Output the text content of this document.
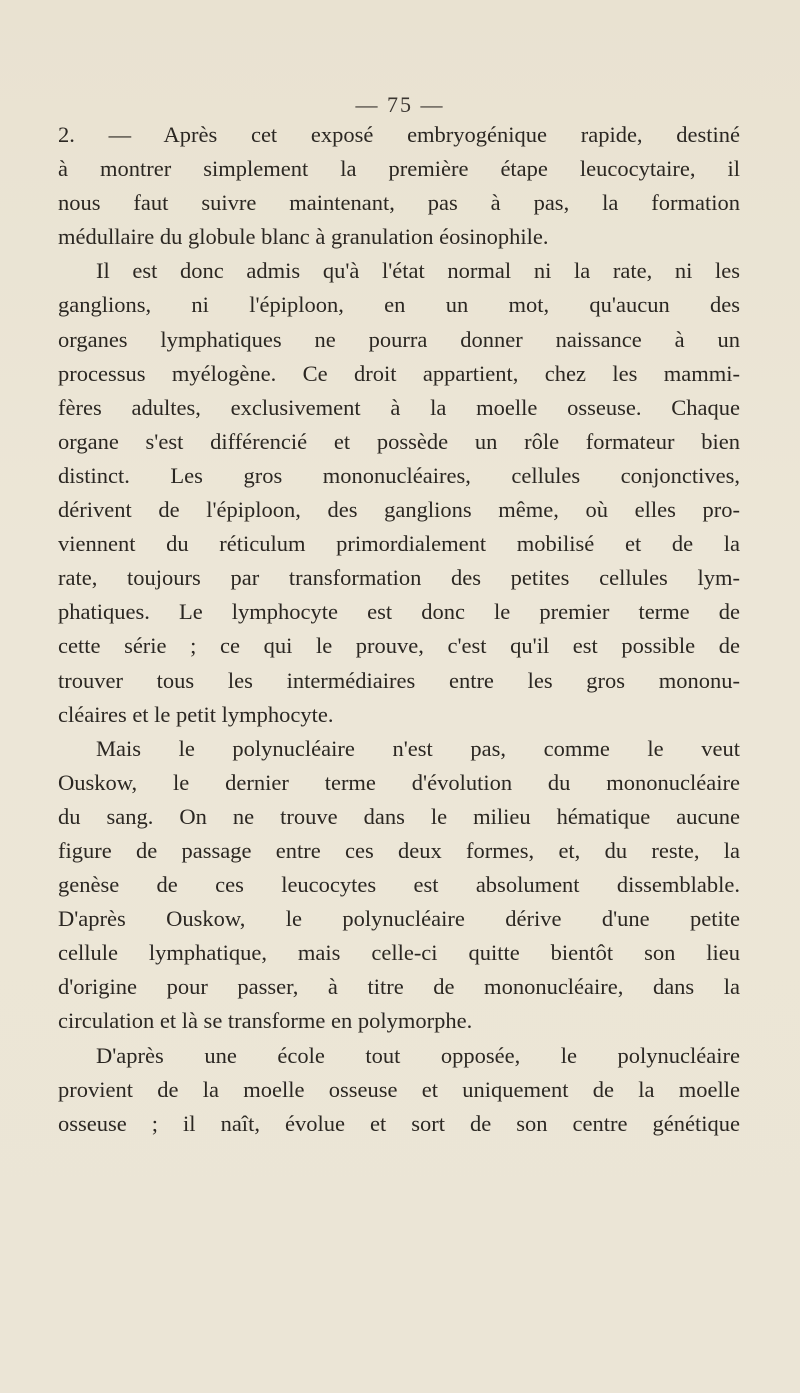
— 75 —
2. — Après cet exposé embryogénique rapide, destiné
à montrer simplement la première étape leucocytaire, il
nous faut suivre maintenant, pas à pas, la formation
médullaire du globule blanc à granulation éosinophile.
Il est donc admis qu'à l'état normal ni la rate, ni les
ganglions, ni l'épiploon, en un mot, qu'aucun des
organes lymphatiques ne pourra donner naissance à un
processus myélogène. Ce droit appartient, chez les mammi-
fères adultes, exclusivement à la moelle osseuse. Chaque
organe s'est différencié et possède un rôle formateur bien
distinct. Les gros mononucléaires, cellules conjonctives,
dérivent de l'épiploon, des ganglions même, où elles pro-
viennent du réticulum primordialement mobilisé et de la
rate, toujours par transformation des petites cellules lym-
phatiques. Le lymphocyte est donc le premier terme de
cette série ; ce qui le prouve, c'est qu'il est possible de
trouver tous les intermédiaires entre les gros mononu-
cléaires et le petit lymphocyte.
Mais le polynucléaire n'est pas, comme le veut
Ouskow, le dernier terme d'évolution du mononucléaire
du sang. On ne trouve dans le milieu hématique aucune
figure de passage entre ces deux formes, et, du reste, la
genèse de ces leucocytes est absolument dissemblable.
D'après Ouskow, le polynucléaire dérive d'une petite
cellule lymphatique, mais celle-ci quitte bientôt son lieu
d'origine pour passer, à titre de mononucléaire, dans la
circulation et là se transforme en polymorphe.
D'après une école tout opposée, le polynucléaire
provient de la moelle osseuse et uniquement de la moelle
osseuse ; il naît, évolue et sort de son centre génétique
